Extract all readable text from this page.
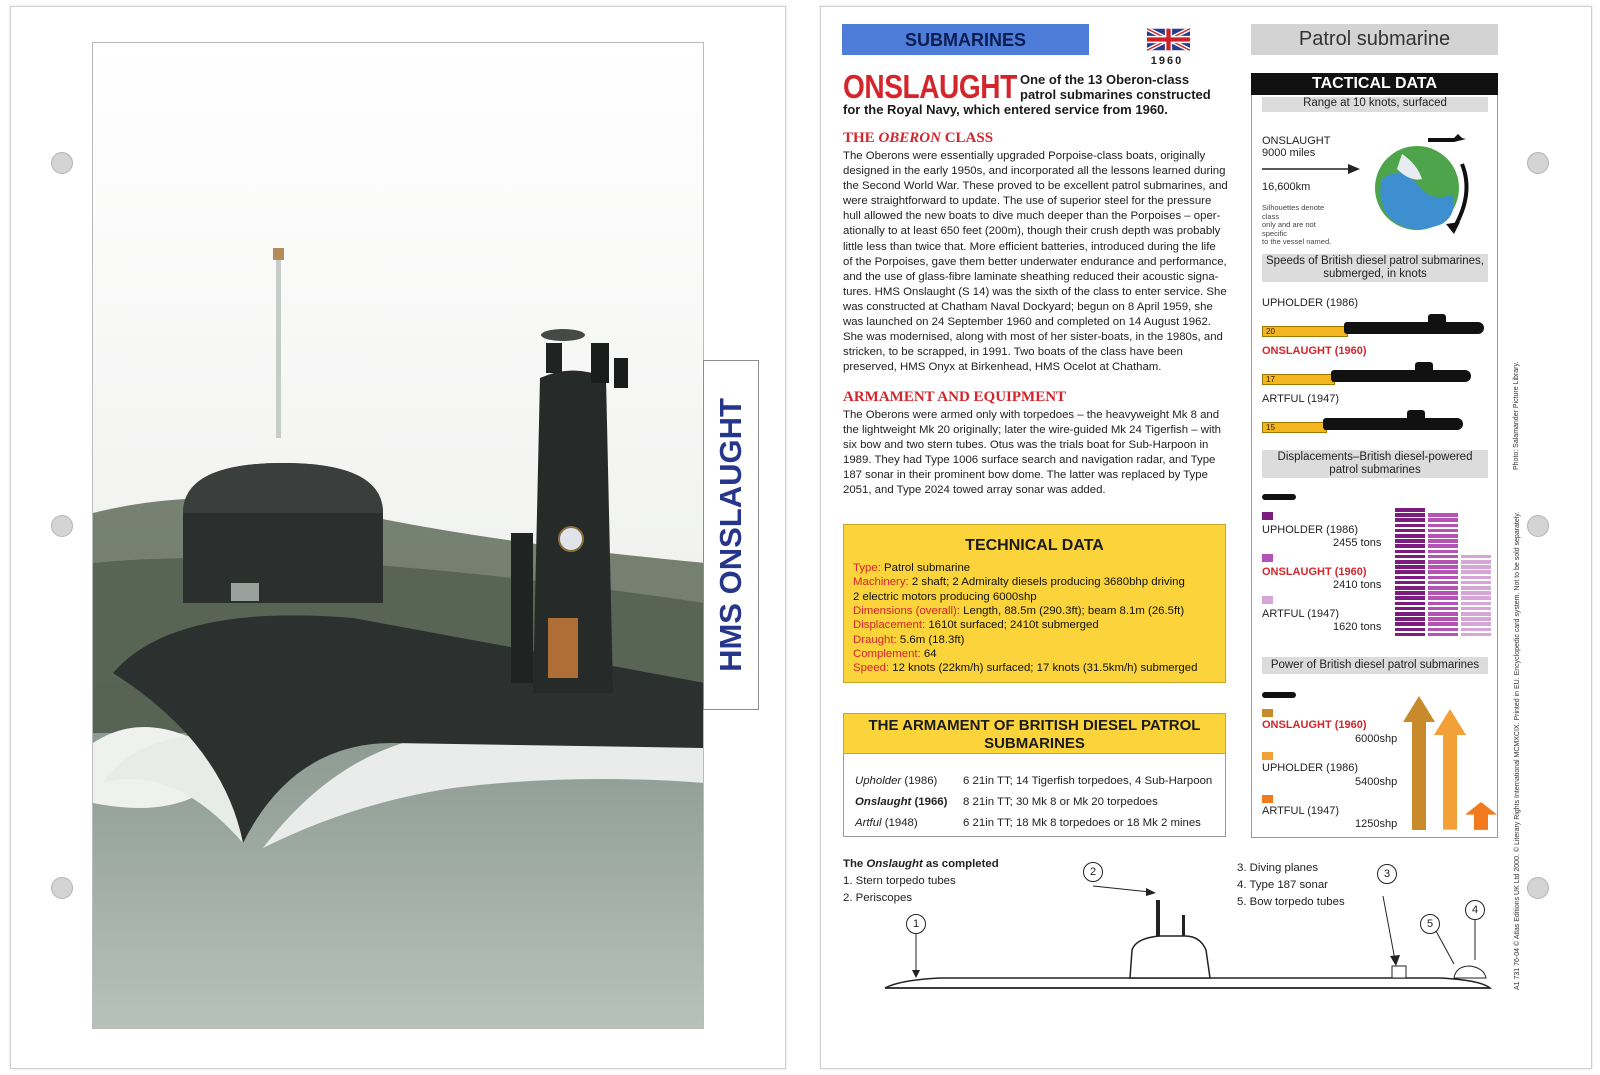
HMS ONSLAUGHT
SUBMARINES	Patrol submarine
1960
ONSLAUGHT One of the 13 Oberon-class
patrol submarines constructed
for the Royal Navy, which entered service from 1960.
THE OBERON CLASS
The Oberons were essentially upgraded Porpoise-class boats, originally
designed in the early 1950s, and incorporated all the lessons learned during
the Second World War. These proved to be excellent patrol submarines, and
were straightforward to update. The use of superior steel for the pressure
hull allowed the new boats to dive much deeper than the Porpoises – oper-
ationally to at least 650 feet (200m), though their crush depth was probably
little less than twice that. More efficient batteries, introduced during the life
of the Porpoises, gave them better underwater endurance and performance,
and the use of glass-fibre laminate sheathing reduced their acoustic signa-
tures. HMS Onslaught (S 14) was the sixth of the class to enter service. She
was constructed at Chatham Naval Dockyard; begun on 8 April 1959, she
was launched on 24 September 1960 and completed on 14 August 1962.
She was modernised, along with most of her sister-boats, in the 1980s, and
stricken, to be scrapped, in 1991. Two boats of the class have been
preserved, HMS Onyx at Birkenhead, HMS Ocelot at Chatham.
ARMAMENT AND EQUIPMENT
The Oberons were armed only with torpedoes – the heavyweight Mk 8 and
the lightweight Mk 20 originally; later the wire-guided Mk 24 Tigerfish – with
six bow and two stern tubes. Otus was the trials boat for Sub-Harpoon in
1989. They had Type 1006 surface search and navigation radar, and Type
187 sonar in their prominent bow dome. The latter was replaced by Type
2051, and Type 2024 towed array sonar was added.
TECHNICAL DATA
Type: Patrol submarine
Machinery: 2 shaft; 2 Admiralty diesels producing 3680bhp driving
2 electric motors producing 6000shp
Dimensions (overall): Length, 88.5m (290.3ft); beam 8.1m (26.5ft)
Displacement: 1610t surfaced; 2410t submerged
Draught: 5.6m (18.3ft)
Complement: 64
Speed: 12 knots (22km/h) surfaced; 17 knots (31.5km/h) submerged
THE ARMAMENT OF BRITISH DIESEL PATROL
SUBMARINES
Upholder (1986) 6 21in TT; 14 Tigerfish torpedoes, 4 Sub-Harpoon
Onslaught (1966) 8 21in TT; 30 Mk 8 or Mk 20 torpedoes
Artful (1948)	6 21in TT; 18 Mk 8 torpedoes or 18 Mk 2 mines
TACTICAL DATA
Range at 10 knots, surfaced
ONSLAUGHT
9000 miles
16,600km
Silhouettes denote class
only and are not specific
to the vessel named.
Speeds of British diesel patrol submarines,
submerged, in knots
UPHOLDER (1986)
20
ONSLAUGHT (1960)
17
ARTFUL (1947)
15
Displacements–British diesel-powered
patrol submarines
UPHOLDER (1986)
2455 tons
ONSLAUGHT (1960)
2410 tons
ARTFUL (1947)
1620 tons
Power of British diesel patrol submarines
ONSLAUGHT (1960)
6000shp
UPHOLDER (1986)
5400shp
ARTFUL (1947)
1250shp
The Onslaught as completed
1. Stern torpedo tubes
2. Periscopes
3. Diving planes
4. Type 187 sonar
5. Bow torpedo tubes
1
2	3
4
5
Photo: Salamander Picture Library.
A1 731 76-04 © Atlas Editions UK Ltd 2000. © Literary Rights International MCMXCIX. Printed in EU. Encyclopedic card system. Not to be sold separately.
